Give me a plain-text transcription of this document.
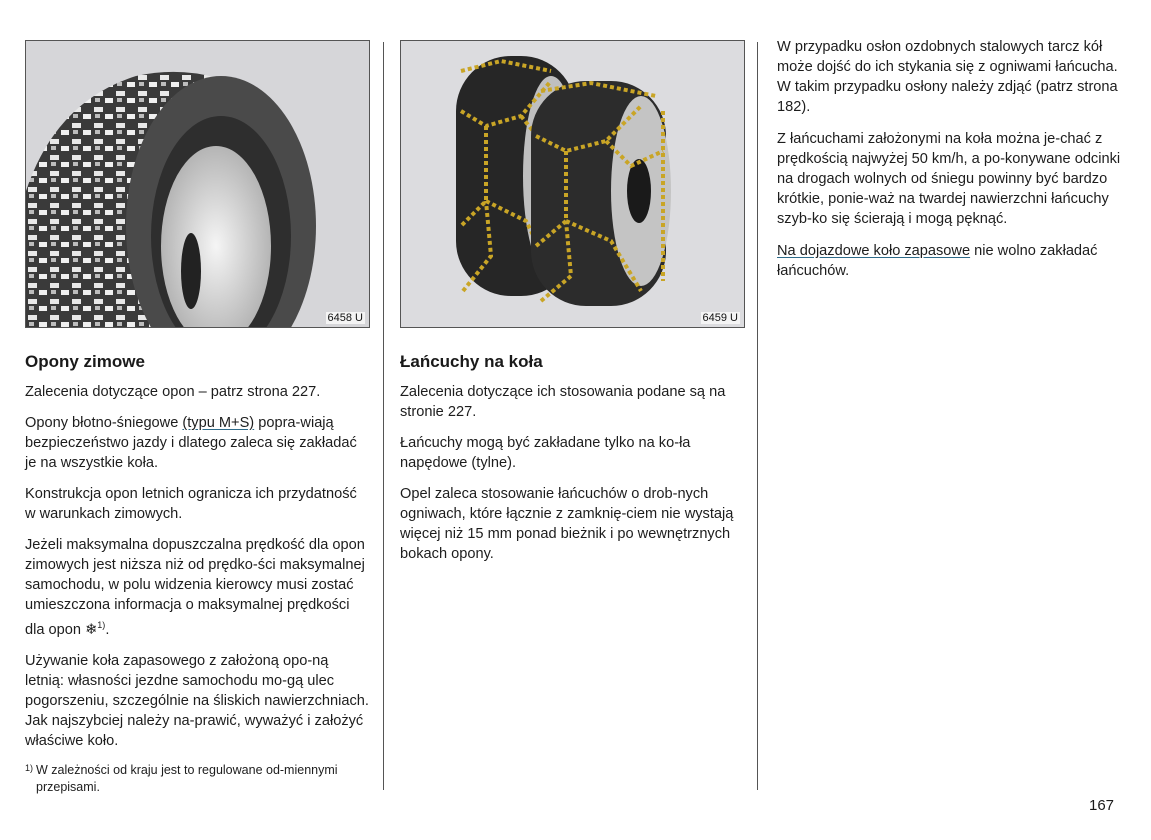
6458 U
Opony zimowe

Zalecenia dotyczące opon – patrz strona 227.

Opony błotno-śniegowe (typu M+S) popra-wiają bezpieczeństwo jazdy i dlatego zaleca się zakładać je na wszystkie koła.

Konstrukcja opon letnich ogranicza ich przydatność w warunkach zimowych.

Jeżeli maksymalna dopuszczalna prędkość dla opon zimowych jest niższa niż od prędko-ści maksymalnej samochodu, w polu widzenia kierowcy musi zostać umieszczona informacja o maksymalnej prędkości dla opon ❄$^{1)}$.

Używanie koła zapasowego z założoną opo-ną letnią: własności jezdne samochodu mo-gą ulec pogorszeniu, szczególnie na śliskich nawierzchniach. Jak najszybciej należy na-prawić, wyważyć i założyć właściwe koło.

1) W zależności od kraju jest to regulowane od-miennymi przepisami.
6459 U
Łańcuchy na koła

Zalecenia dotyczące ich stosowania podane są na stronie 227.

Łańcuchy mogą być zakładane tylko na ko-ła napędowe (tylne).

Opel zaleca stosowanie łańcuchów o drob-nych ogniwach, które łącznie z zamknię-ciem nie wystają więcej niż 15 mm ponad bieżnik i po wewnętrznych bokach opony.

W przypadku osłon ozdobnych stalowych tarcz kół może dojść do ich stykania się z ogniwami łańcucha. W takim przypadku osłony należy zdjąć (patrz strona 182).

Z łańcuchami założonymi na koła można je-chać z prędkością najwyżej 50 km/h, a po-konywane odcinki na drogach wolnych od śniegu powinny być bardzo krótkie, ponie-waż na twardej nawierzchni łańcuchy szyb-ko się ścierają i mogą pęknąć.

Na dojazdowe koło zapasowe nie wolno zakładać łańcuchów.

167
